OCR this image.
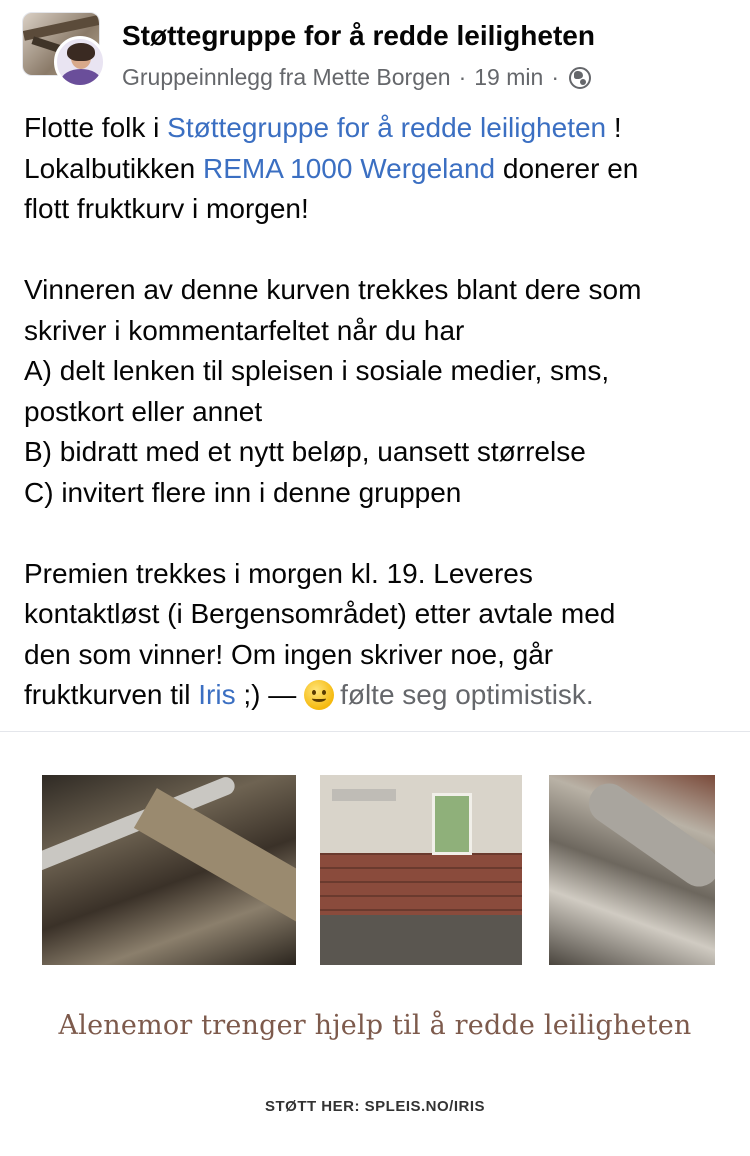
Støttegruppe for å redde leiligheten
Gruppeinnlegg fra Mette Borgen · 19 min ·

Flotte folk i Støttegruppe for å redde leiligheten !

Lokalbutikken REMA 1000 Wergeland donerer en

flott fruktkurv i morgen!

Vinneren av denne kurven trekkes blant dere som

skriver i kommentarfeltet når du har

A) delt lenken til spleisen i sosiale medier, sms,

postkort eller annet

B) bidratt med et nytt beløp, uansett størrelse

C) invitert flere inn i denne gruppen

Premien trekkes i morgen kl. 19. Leveres

kontaktløst (i Bergensområdet) etter avtale med

den som vinner! Om ingen skriver noe, går

fruktkurven til Iris ;) — følte seg optimistisk.

Alenemor trenger hjelp til å redde leiligheten
STØTT HER: SPLEIS.NO/IRIS
